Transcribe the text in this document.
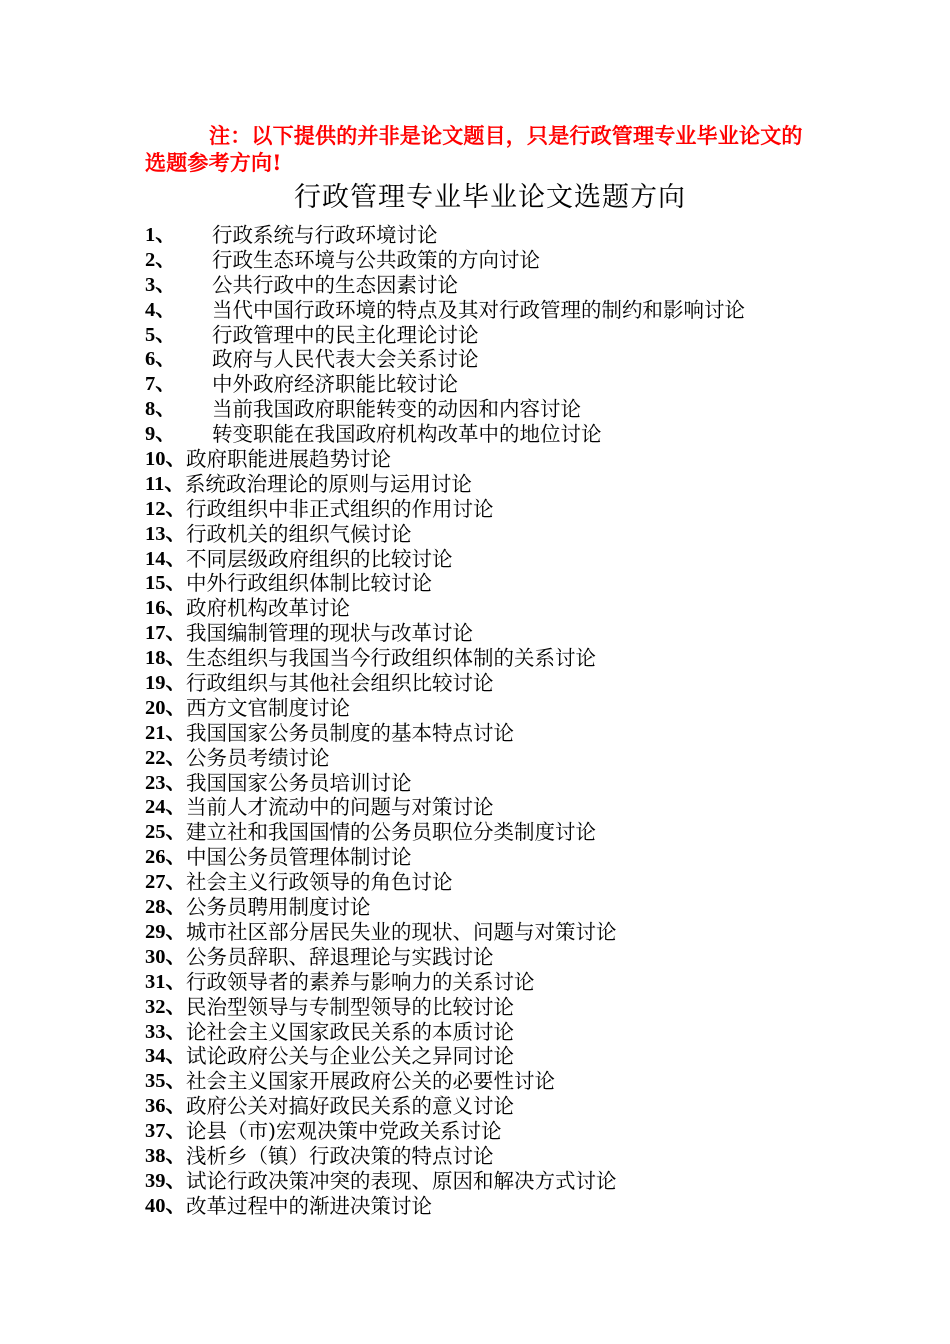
注：以下提供的并非是论文题目，只是行政管理专业毕业论文的选题参考方向!
行政管理专业毕业论文选题方向
1、	行政系统与行政环境讨论
2、	行政生态环境与公共政策的方向讨论
3、	公共行政中的生态因素讨论
4、	当代中国行政环境的特点及其对行政管理的制约和影响讨论
5、	行政管理中的民主化理论讨论
6、	政府与人民代表大会关系讨论
7、	中外政府经济职能比较讨论
8、	当前我国政府职能转变的动因和内容讨论
9、	转变职能在我国政府机构改革中的地位讨论
10、 政府职能进展趋势讨论
11、 系统政治理论的原则与运用讨论
12、 行政组织中非正式组织的作用讨论
13、 行政机关的组织气候讨论
14、 不同层级政府组织的比较讨论
15、 中外行政组织体制比较讨论
16、 政府机构改革讨论
17、 我国编制管理的现状与改革讨论
18、 生态组织与我国当今行政组织体制的关系讨论
19、 行政组织与其他社会组织比较讨论
20、 西方文官制度讨论
21、 我国国家公务员制度的基本特点讨论
22、 公务员考绩讨论
23、 我国国家公务员培训讨论
24、 当前人才流动中的问题与对策讨论
25、 建立社和我国国情的公务员职位分类制度讨论
26、 中国公务员管理体制讨论
27、 社会主义行政领导的角色讨论
28、 公务员聘用制度讨论
29、 城市社区部分居民失业的现状、问题与对策讨论
30、 公务员辞职、辞退理论与实践讨论
31、 行政领导者的素养与影响力的关系讨论
32、 民治型领导与专制型领导的比较讨论
33、 论社会主义国家政民关系的本质讨论
34、 试论政府公关与企业公关之异同讨论
35、 社会主义国家开展政府公关的必要性讨论
36、 政府公关对搞好政民关系的意义讨论
37、 论县（市)宏观决策中党政关系讨论
38、 浅析乡（镇）行政决策的特点讨论
39、 试论行政决策冲突的表现、原因和解决方式讨论
40、 改革过程中的渐进决策讨论
